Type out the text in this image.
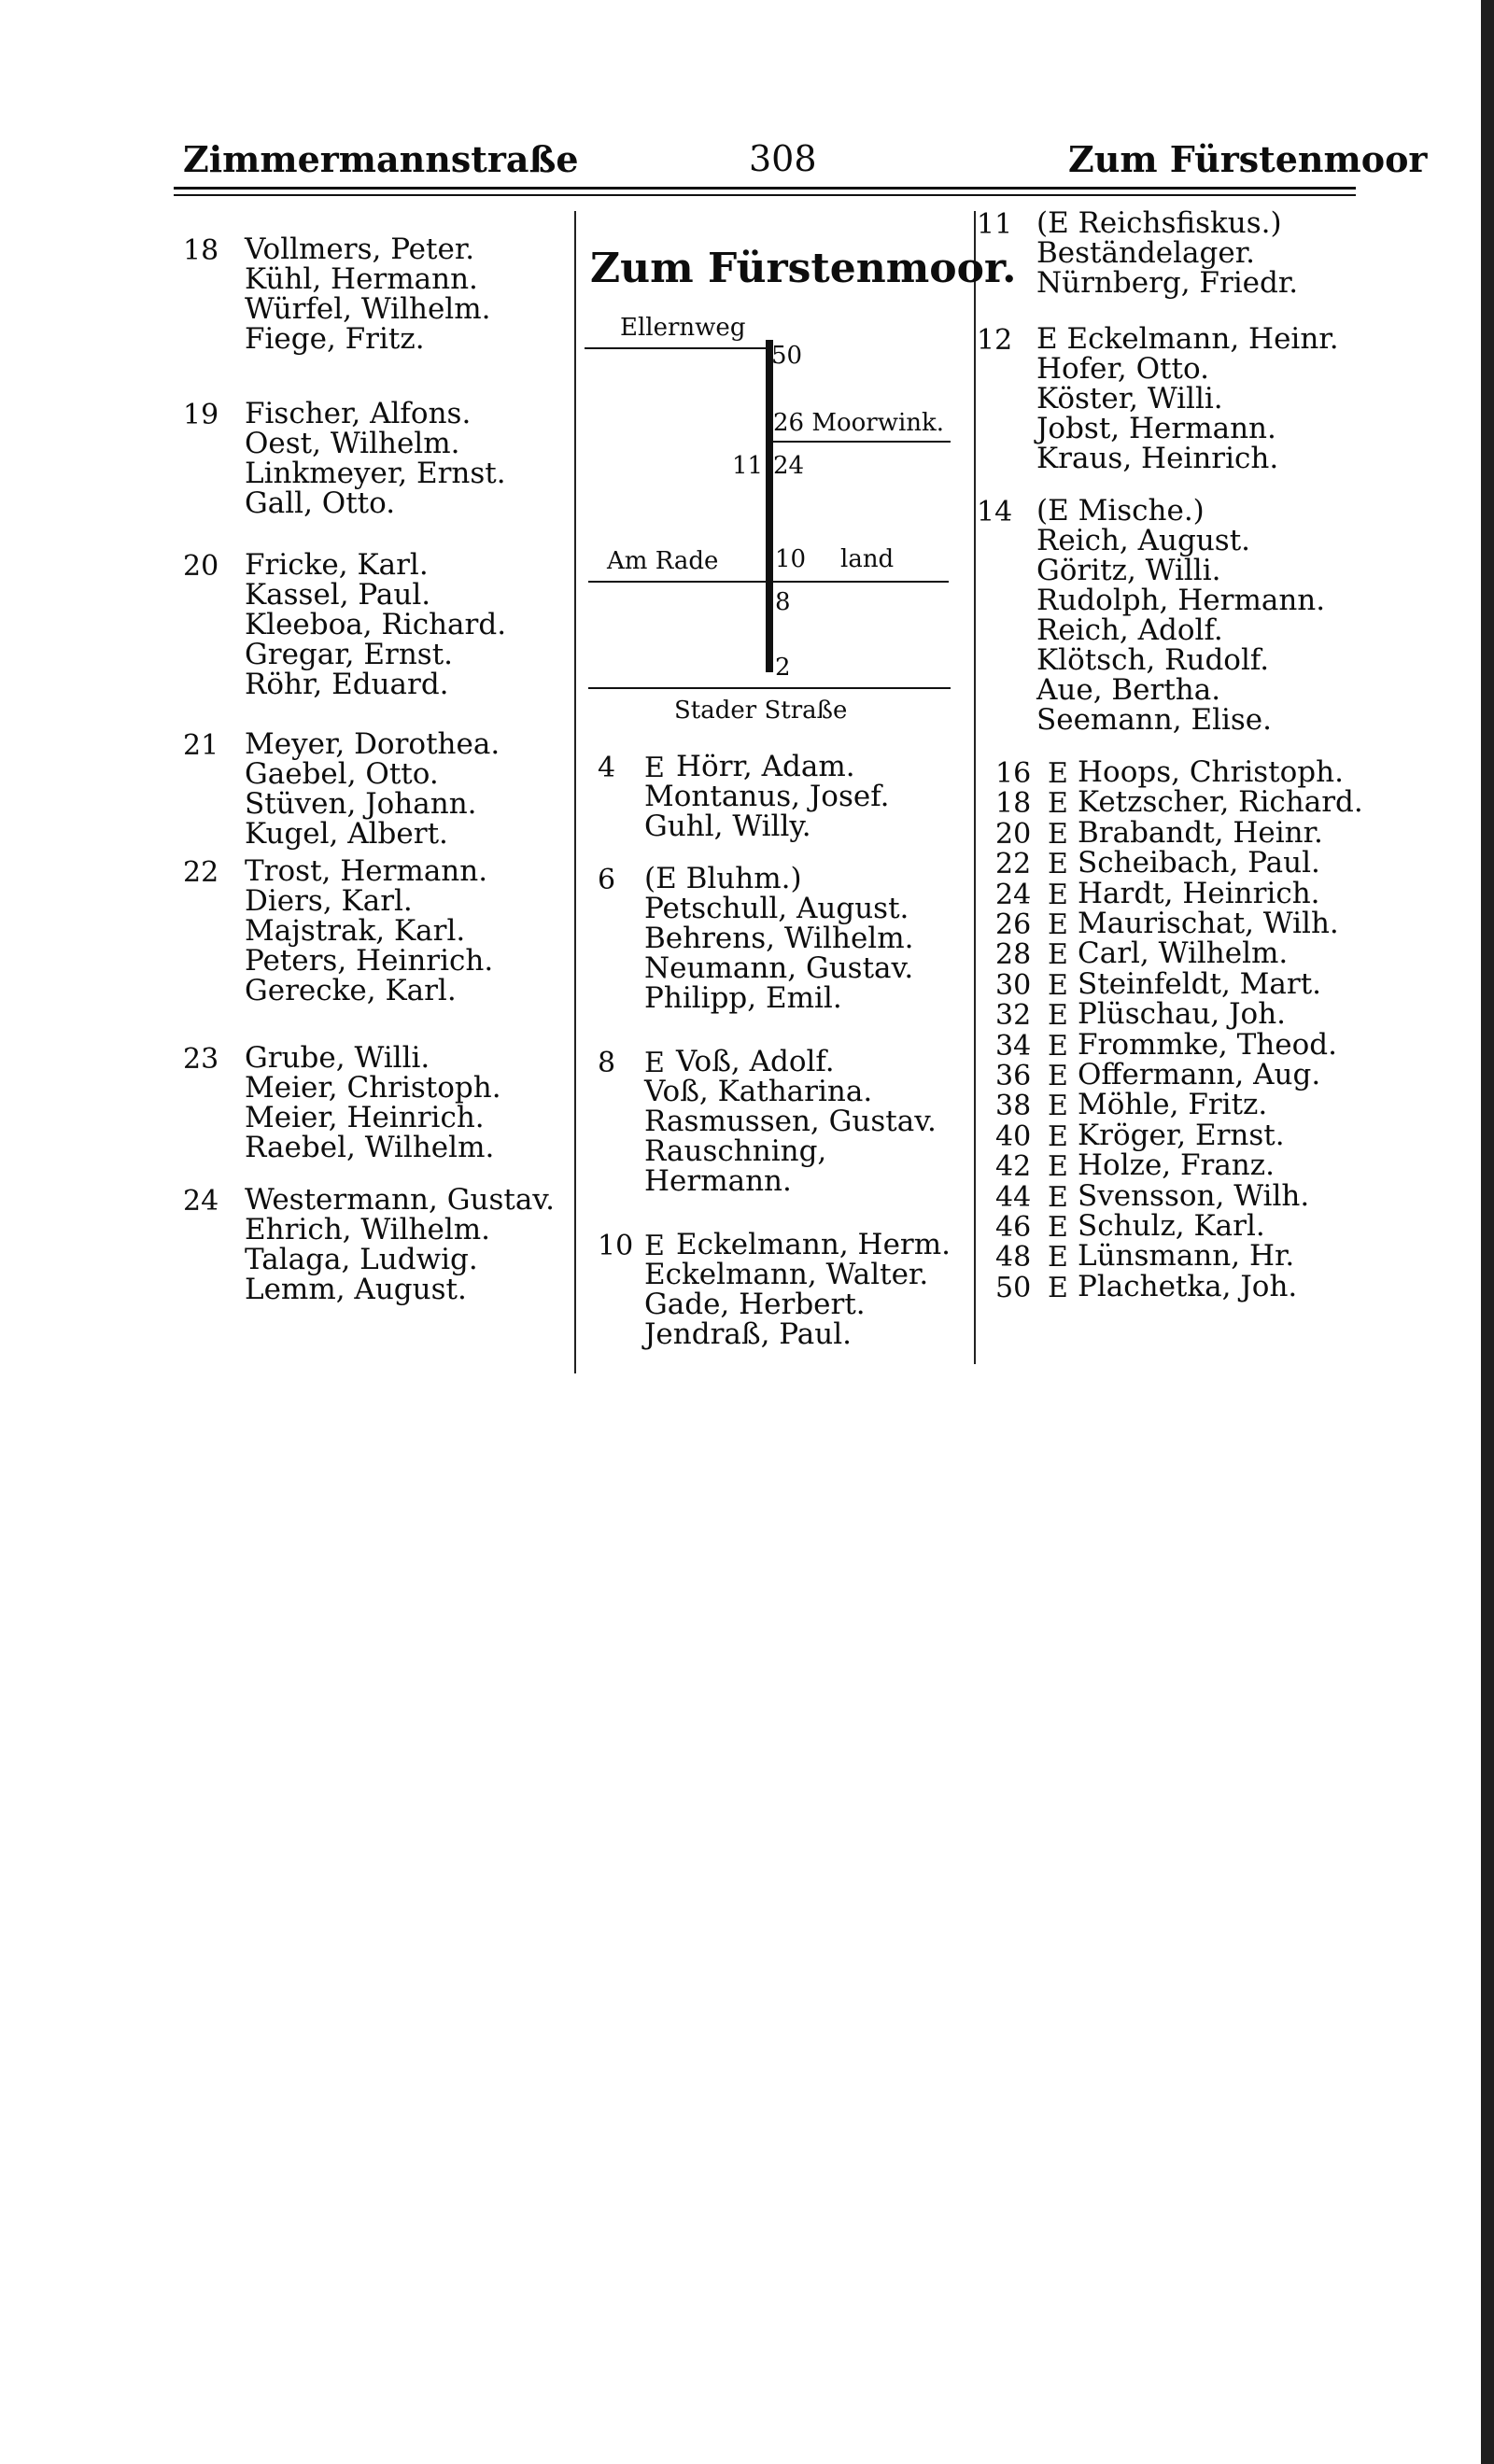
Zimmermannstraße	308	Zum Fürstenmoor
18 Vollmers, Peter.
Kühl, Hermann.
Würfel, Wilhelm.
Fiege, Fritz.
19 Fischer, Alfons.
Oest, Wilhelm.
Linkmeyer, Ernst.
Gall, Otto.
20 Fricke, Karl.
Kassel, Paul.
Kleeboa, Richard.
Gregar, Ernst.
Röhr, Eduard.
21 Meyer, Dorothea.
Gaebel, Otto.
Stüven, Johann.
Kugel, Albert.
22 Trost, Hermann.
Diers, Karl.
Majstrak, Karl.
Peters, Heinrich.
Gerecke, Karl.
23 Grube, Willi.
Meier, Christoph.
Meier, Heinrich.
Raebel, Wilhelm.
24 Westermann, Gustav.
Ehrich, Wilhelm.
Talaga, Ludwig.
Lemm, August.
Zum Fürstenmoor.
Ellernweg
50
26 Moorwink.
11 24
Am Rade 10 land
8
2
Stader Straße
4 E Hörr, Adam.
Montanus, Josef.
Guhl, Willy.
6 (E Bluhm.)
Petschull, August.
Behrens, Wilhelm.
Neumann, Gustav.
Philipp, Emil.
8 E Voß, Adolf.
Voß, Katharina.
Rasmussen, Gustav.
Rauschning,
Hermann.
10 E Eckelmann, Herm.
Eckelmann, Walter.
Gade, Herbert.
Jendraß, Paul.
11 (E Reichsfiskus.)
Beständelager.
Nürnberg, Friedr.
12 E Eckelmann, Heinr.
Hofer, Otto.
Köster, Willi.
Jobst, Hermann.
Kraus, Heinrich.
14 (E Mische.)
Reich, August.
Göritz, Willi.
Rudolph, Hermann.
Reich, Adolf.
Klötsch, Rudolf.
Aue, Bertha.
Seemann, Elise.
16 E Hoops, Christoph.
18 E Ketzscher, Richard.
20 E Brabandt, Heinr.
22 E Scheibach, Paul.
24 E Hardt, Heinrich.
26 E Maurischat, Wilh.
28 E Carl, Wilhelm.
30 E Steinfeldt, Mart.
32 E Plüschau, Joh.
34 E Frommke, Theod.
36 E Offermann, Aug.
38 E Möhle, Fritz.
40 E Kröger, Ernst.
42 E Holze, Franz.
44 E Svensson, Wilh.
46 E Schulz, Karl.
48 E Lünsmann, Hr.
50 E Plachetka, Joh.
